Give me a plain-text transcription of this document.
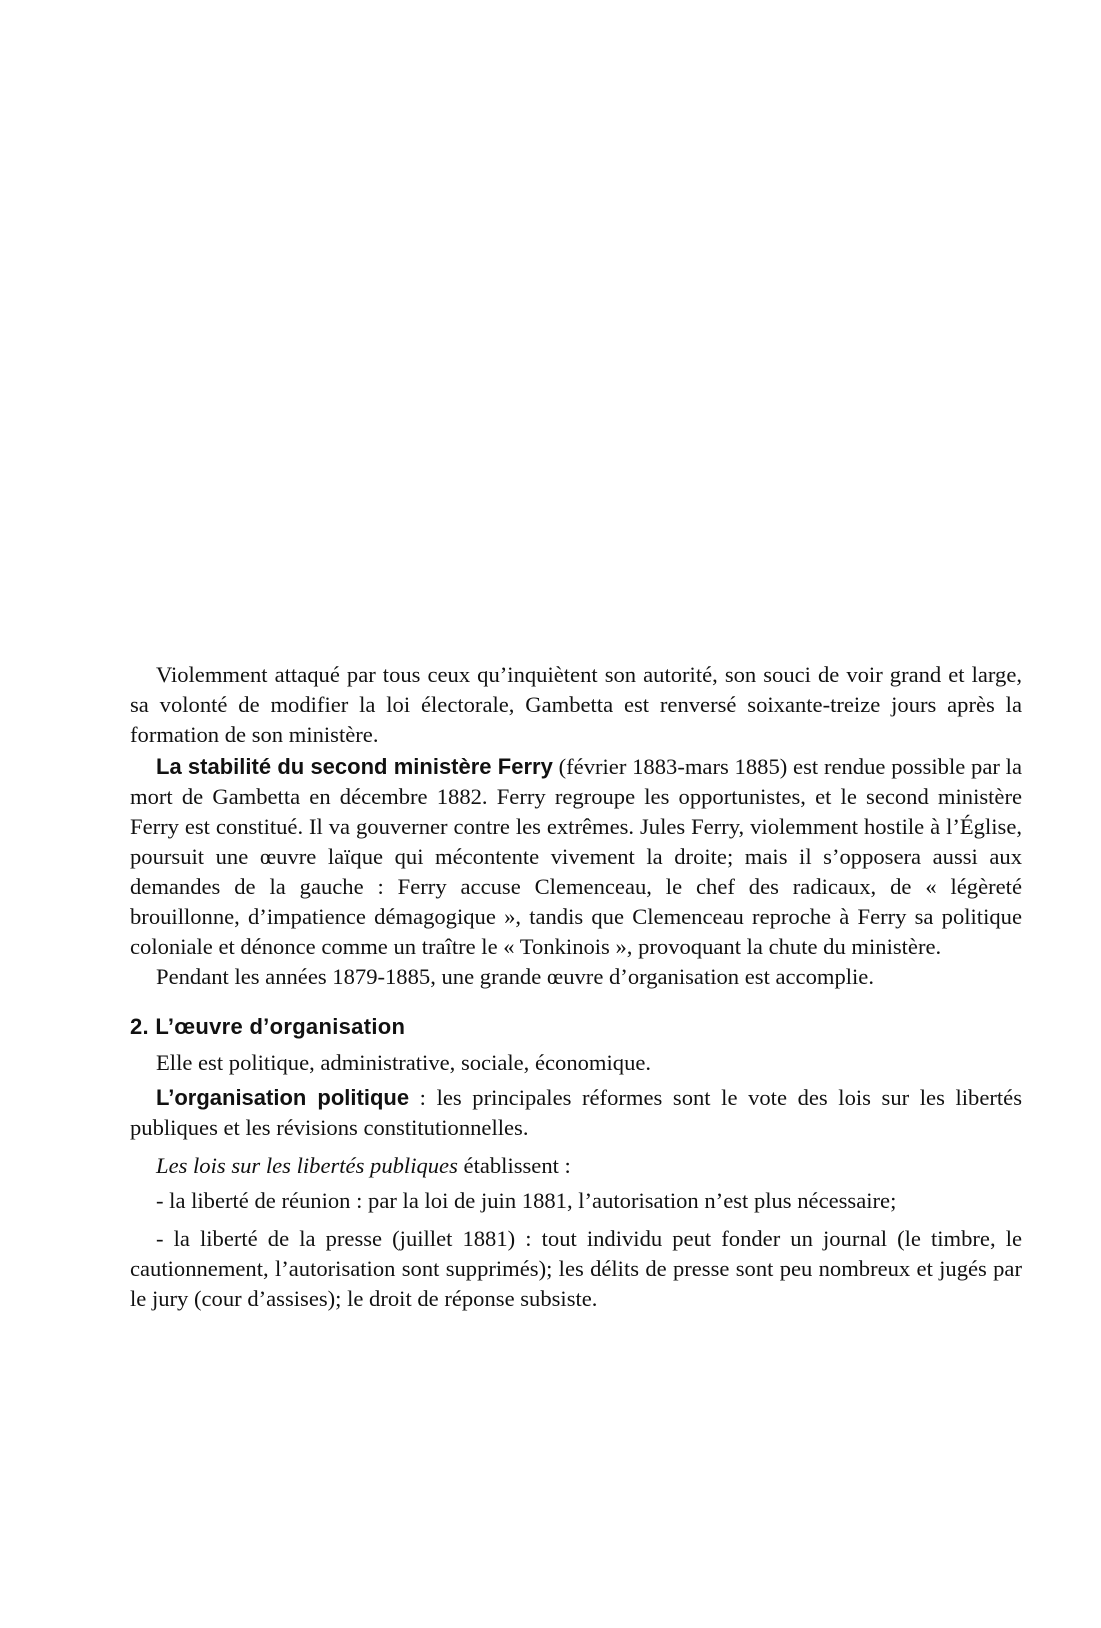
Violemment attaqué par tous ceux qu’inquiètent son autorité, son souci de voir grand et large, sa volonté de modifier la loi électorale, Gambetta est renversé soixante-treize jours après la formation de son ministère.

La stabilité du second ministère Ferry (février 1883-mars 1885) est rendue possible par la mort de Gambetta en décembre 1882. Ferry regroupe les opportunistes, et le second ministère Ferry est constitué. Il va gouverner contre les extrêmes. Jules Ferry, violemment hostile à l’Église, poursuit une œuvre laïque qui mécontente vivement la droite; mais il s’opposera aussi aux demandes de la gauche : Ferry accuse Clemenceau, le chef des radicaux, de « légèreté brouillonne, d’impatience démagogique », tandis que Clemenceau reproche à Ferry sa politique coloniale et dénonce comme un traître le « Tonkinois », provoquant la chute du ministère.

Pendant les années 1879-1885, une grande œuvre d’organisation est accomplie.

2. L’œuvre d’organisation

Elle est politique, administrative, sociale, économique.

L’organisation politique : les principales réformes sont le vote des lois sur les libertés publiques et les révisions constitutionnelles.

Les lois sur les libertés publiques établissent :

- la liberté de réunion : par la loi de juin 1881, l’autorisation n’est plus nécessaire;

- la liberté de la presse (juillet 1881) : tout individu peut fonder un journal (le timbre, le cautionnement, l’autorisation sont supprimés); les délits de presse sont peu nombreux et jugés par le jury (cour d’assises); le droit de réponse subsiste.
